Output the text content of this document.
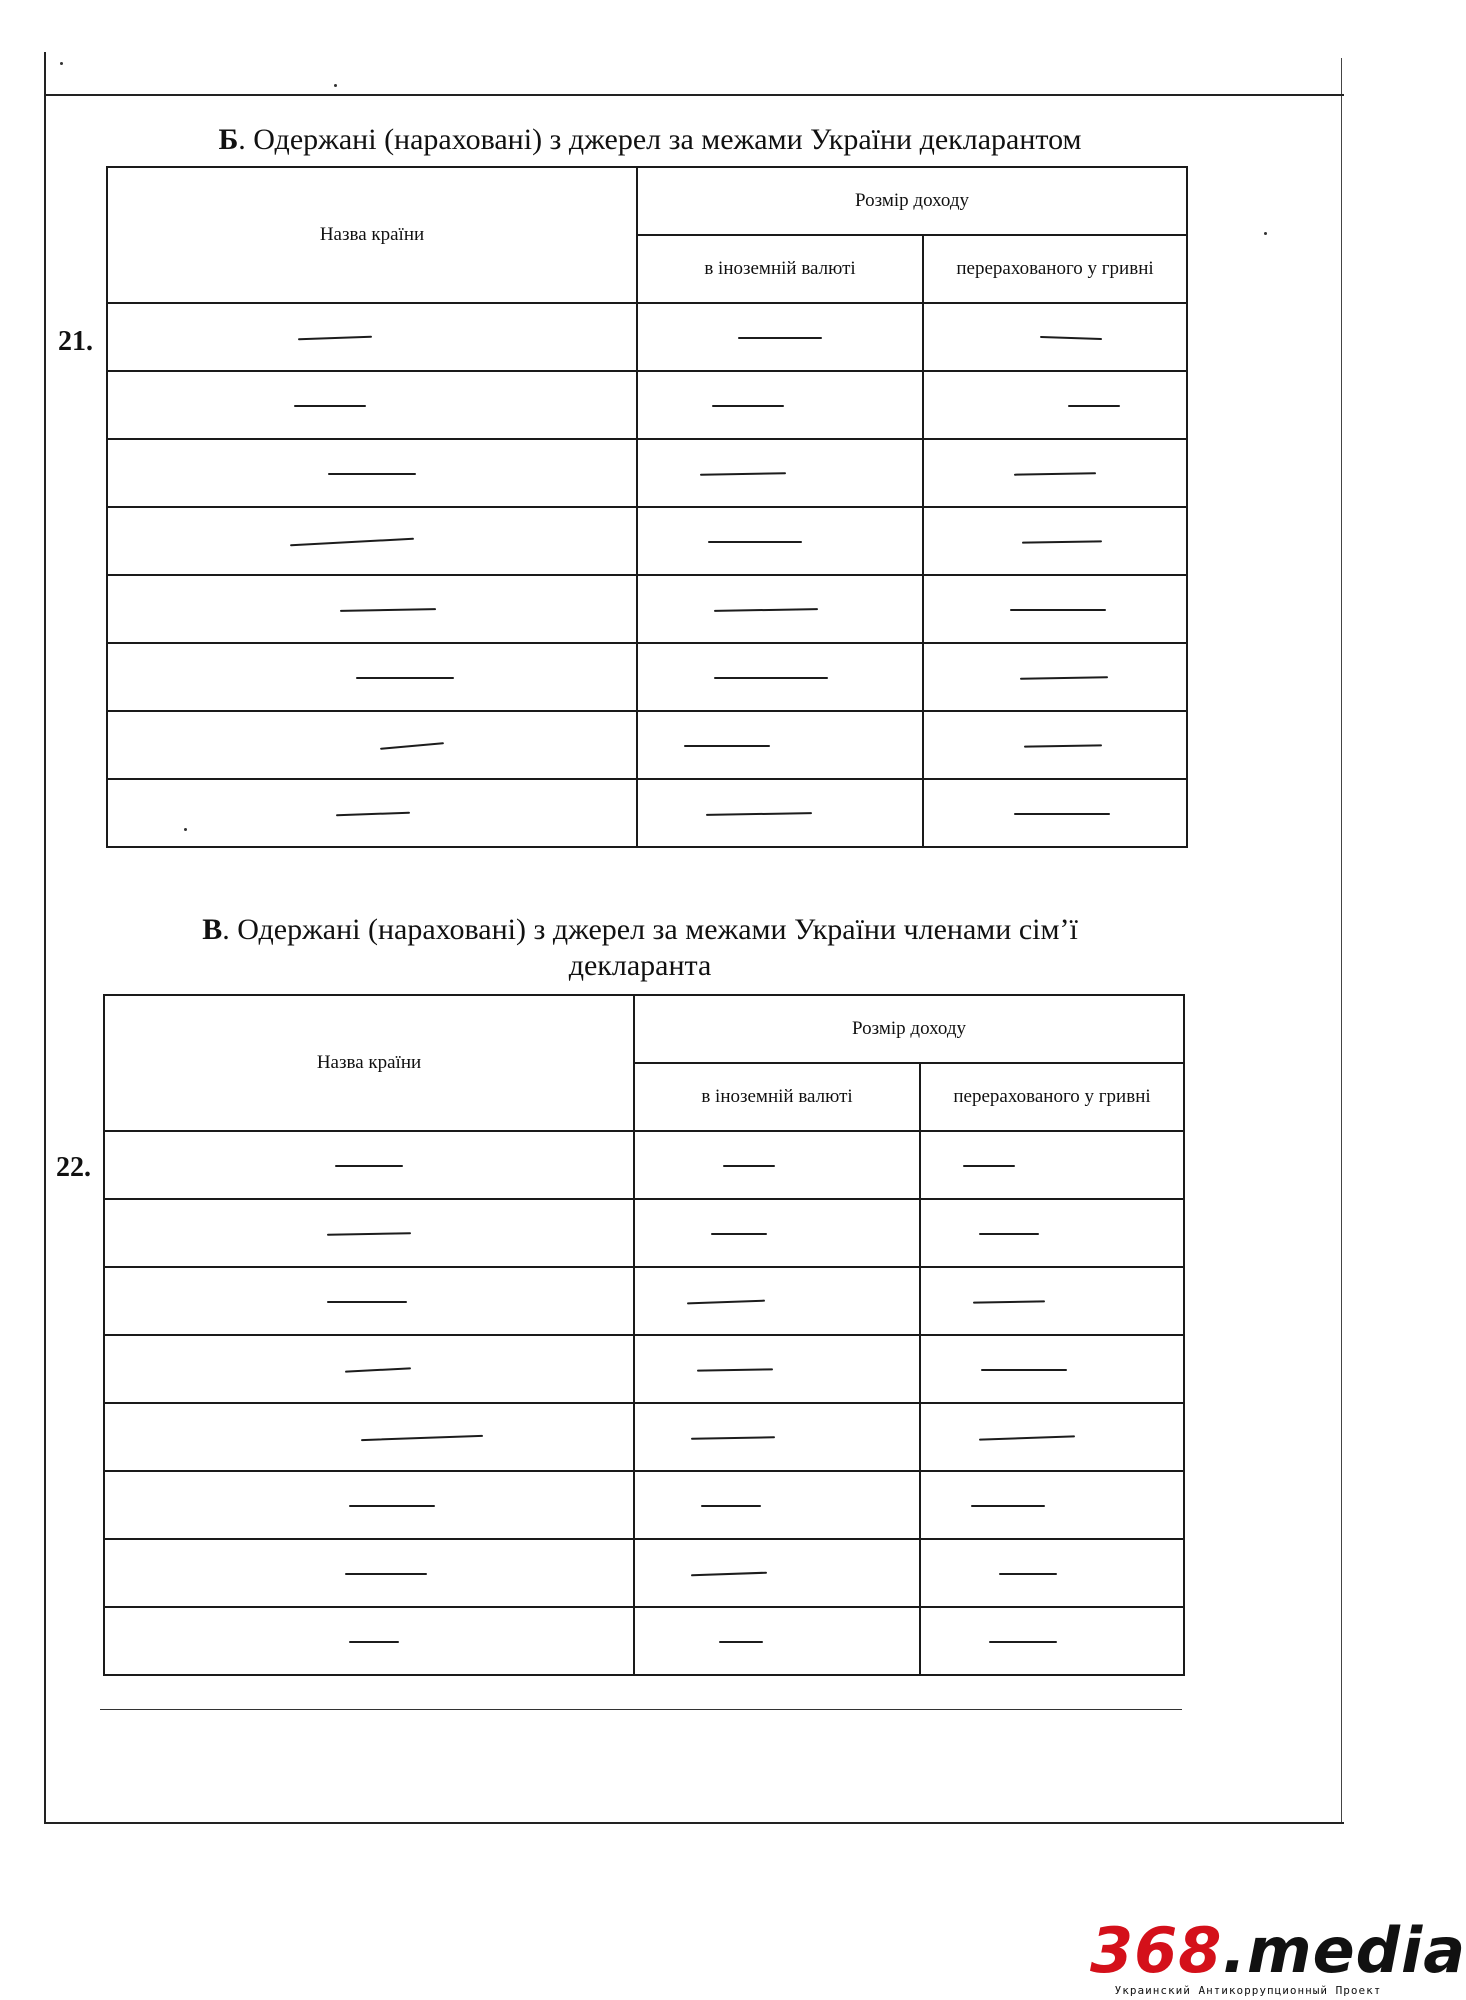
Б. Одержані (нараховані) з джерел за межами України декларантом
21.
Назва країни	Розмір доходу	
	в іноземній валюті	перерахованого у гривні

В. Одержані (нараховані) з джерел за межами України членами сім’ї
декларанта
22.
Назва країни	Розмір доходу	
	в іноземній валюті	перерахованого у гривні

368.media
Украинский Антикоррупционный Проект
